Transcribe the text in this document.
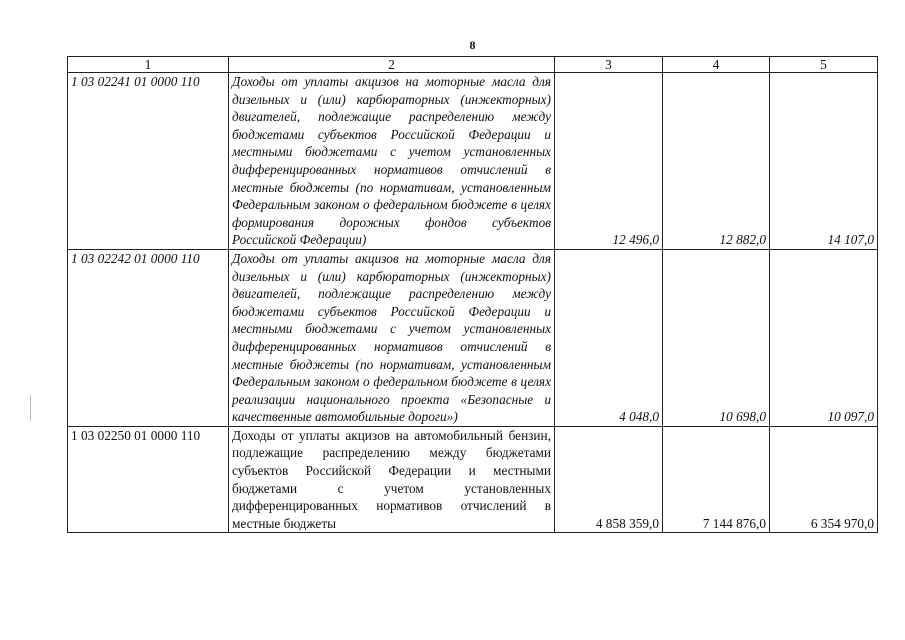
8
1	2	3	4	5
1 03 02241 01 0000 110	Доходы от уплаты акцизов на моторные масла для дизельных и (или) карбюраторных (инжекторных) двигателей, подлежащие распределению между бюджетами субъектов Российской Федерации и местными бюджетами с учетом установленных дифференцированных нормативов отчислений в местные бюджеты (по нормативам, установленным Федеральным законом о федеральном бюджете в целях формирования дорожных фондов субъектов Российской Федерации)	12 496,0	12 882,0	14 107,0
1 03 02242 01 0000 110	Доходы от уплаты акцизов на моторные масла для дизельных и (или) карбюраторных (инжекторных) двигателей, подлежащие распределению между бюджетами субъектов Российской Федерации и местными бюджетами с учетом установленных дифференцированных нормативов отчислений в местные бюджеты (по нормативам, установленным Федеральным законом о федеральном бюджете в целях реализации национального проекта «Безопасные и качественные автомобильные дороги»)	4 048,0	10 698,0	10 097,0
1 03 02250 01 0000 110	Доходы от уплаты акцизов на автомобильный бензин, подлежащие распределению между бюджетами субъектов Российской Федерации и местными бюджетами с учетом установленных дифференцированных нормативов отчислений в местные бюджеты	4 858 359,0	7 144 876,0	6 354 970,0
